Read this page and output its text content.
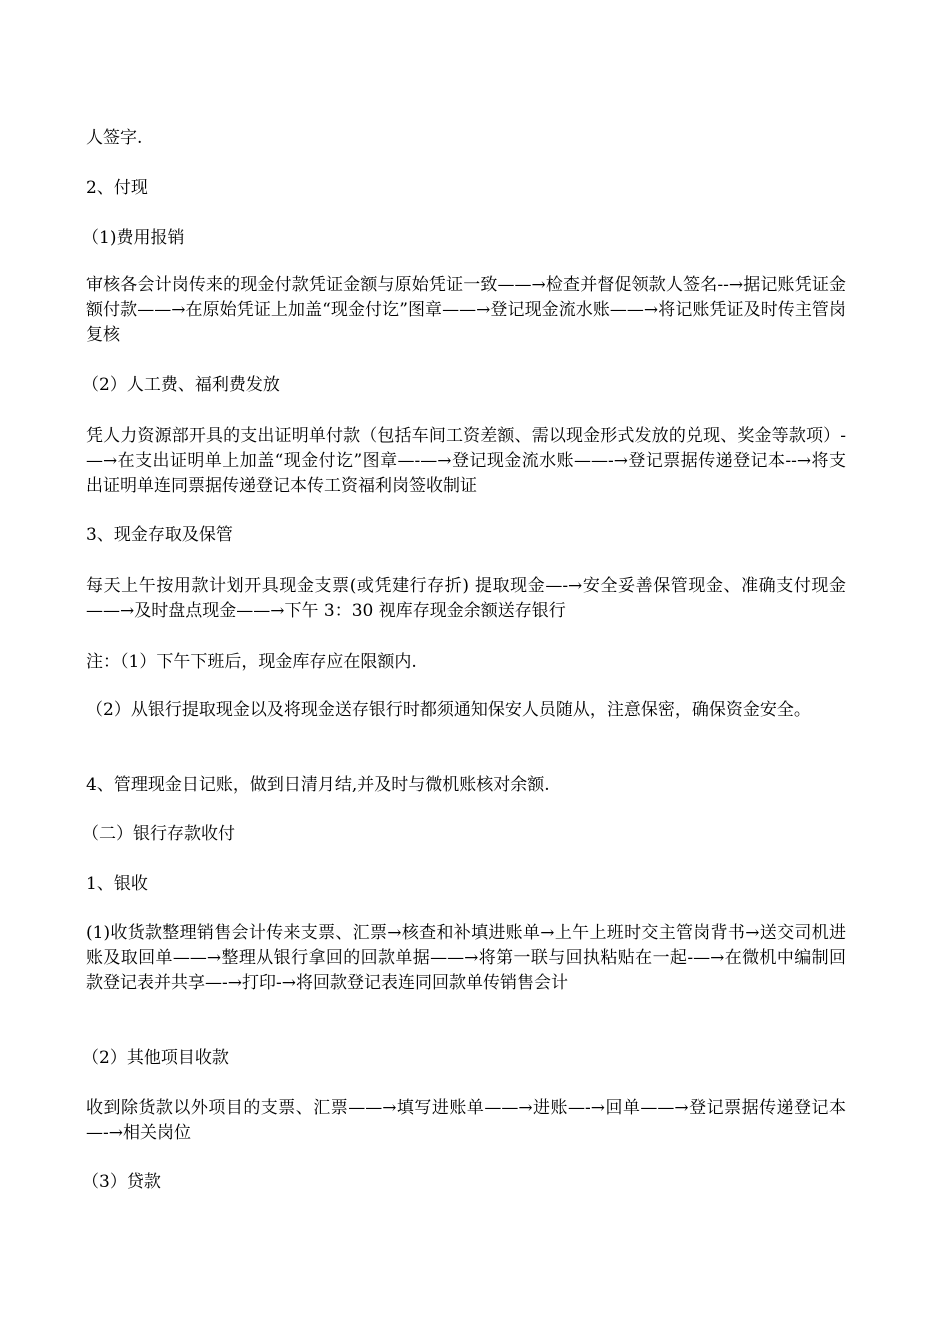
人签字.

2、付现

（1)费用报销

审核各会计岗传来的现金付款凭证金额与原始凭证一致——→检查并督促领款人签名--→据记账凭证金额付款——→在原始凭证上加盖“现金付讫”图章——→登记现金流水账——→将记账凭证及时传主管岗复核

（2）人工费、福利费发放

凭人力资源部开具的支出证明单付款（包括车间工资差额、需以现金形式发放的兑现、奖金等款项）-—→在支出证明单上加盖“现金付讫”图章—-—→登记现金流水账——-→登记票据传递登记本--→将支出证明单连同票据传递登记本传工资福利岗签收制证

3、现金存取及保管

每天上午按用款计划开具现金支票(或凭建行存折) 提取现金—-→安全妥善保管现金、准确支付现金——→及时盘点现金——→下午 3：30 视库存现金余额送存银行

注：（1）下午下班后，现金库存应在限额内.

（2）从银行提取现金以及将现金送存银行时都须通知保安人员随从，注意保密，确保资金安全。

4、管理现金日记账，做到日清月结,并及时与微机账核对余额.

（二）银行存款收付

1、银收

(1)收货款整理销售会计传来支票、汇票→核查和补填进账单→上午上班时交主管岗背书→送交司机进账及取回单——→整理从银行拿回的回款单据——→将第一联与回执粘贴在一起-—→在微机中编制回款登记表并共享—-→打印-→将回款登记表连同回款单传销售会计

（2）其他项目收款

收到除货款以外项目的支票、汇票——→填写进账单——→进账—-→回单——→登记票据传递登记本—-→相关岗位

（3）贷款
